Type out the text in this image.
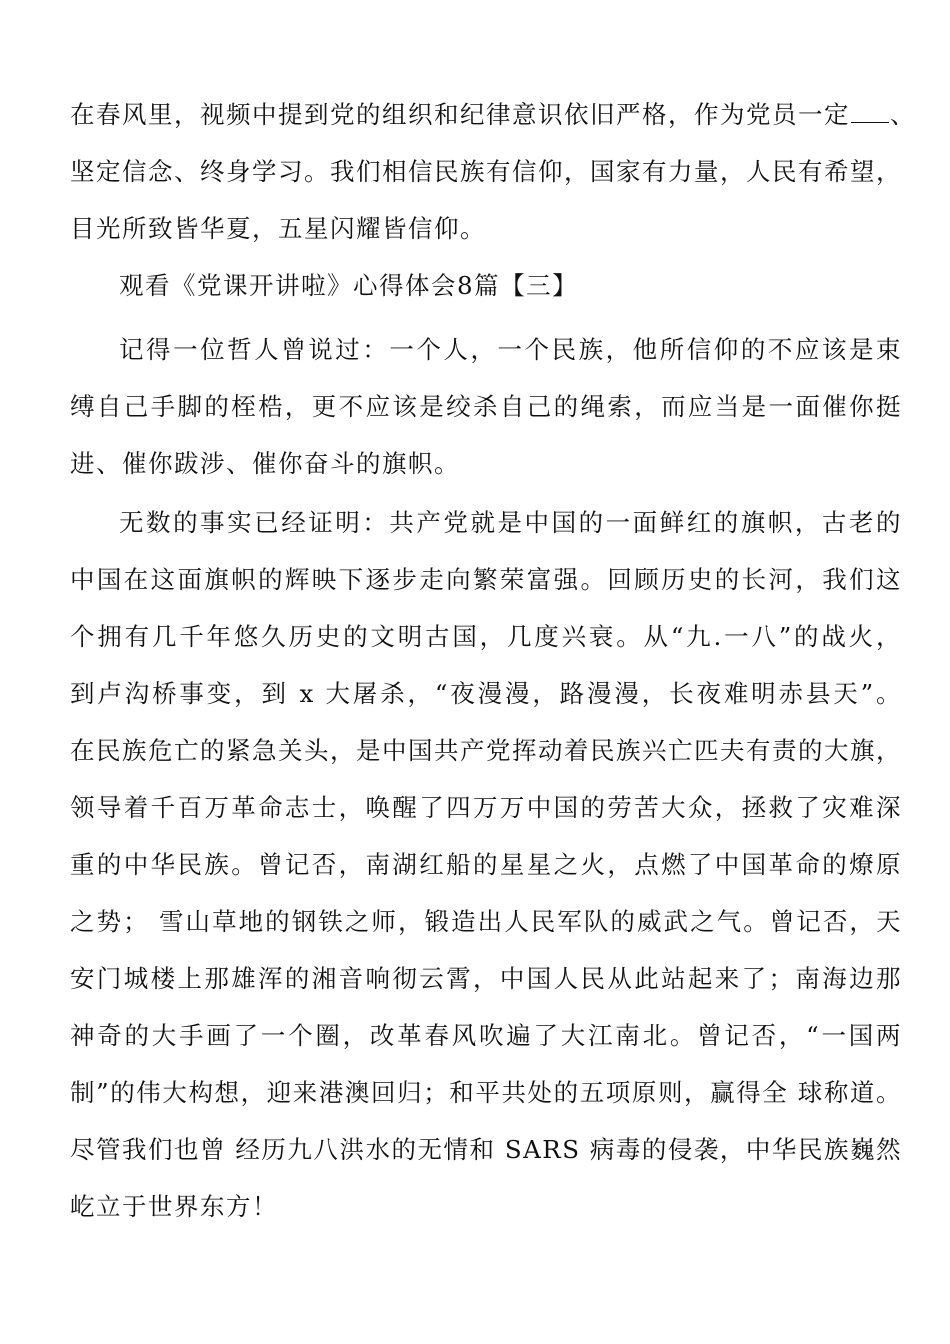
在春风里，视频中提到党的组织和纪律意识依旧严格，作为党员一定 、
坚定信念、终身学习。我们相信民族有信仰，国家有力量，人民有希望，
目光所致皆华夏，五星闪耀皆信仰。
观看《党课开讲啦》心得体会8篇【三】
记得一位哲人曾说过：一个人，一个民族，他所信仰的不应该是束
缚自己手脚的桎梏，更不应该是绞杀自己的绳索，而应当是一面催你挺
进、催你跋涉、催你奋斗的旗帜。
无数的事实已经证明：共产党就是中国的一面鲜红的旗帜，古老的
中国在这面旗帜的辉映下逐步走向繁荣富强。回顾历史的长河，我们这
个拥有几千年悠久历史的文明古国，几度兴衰。从“九.一八”的战火，
到卢沟桥事变，到 x 大屠杀，“夜漫漫，路漫漫，长夜难明赤县天”。
在民族危亡的紧急关头，是中国共产党挥动着民族兴亡匹夫有责的大旗，
领导着千百万革命志士，唤醒了四万万中国的劳苦大众，拯救了灾难深
重的中华民族。曾记否，南湖红船的星星之火，点燃了中国革命的燎原
之势； 雪山草地的钢铁之师，锻造出人民军队的威武之气。曾记否，天
安门城楼上那雄浑的湘音响彻云霄，中国人民从此站起来了；南海边那
神奇的大手画了一个圈，改革春风吹遍了大江南北。曾记否，“一国两
制”的伟大构想，迎来港澳回归；和平共处的五项原则，赢得全 球称道。
尽管我们也曾 经历九八洪水的无情和 SARS 病毒的侵袭，中华民族巍然
屹立于世界东方！
